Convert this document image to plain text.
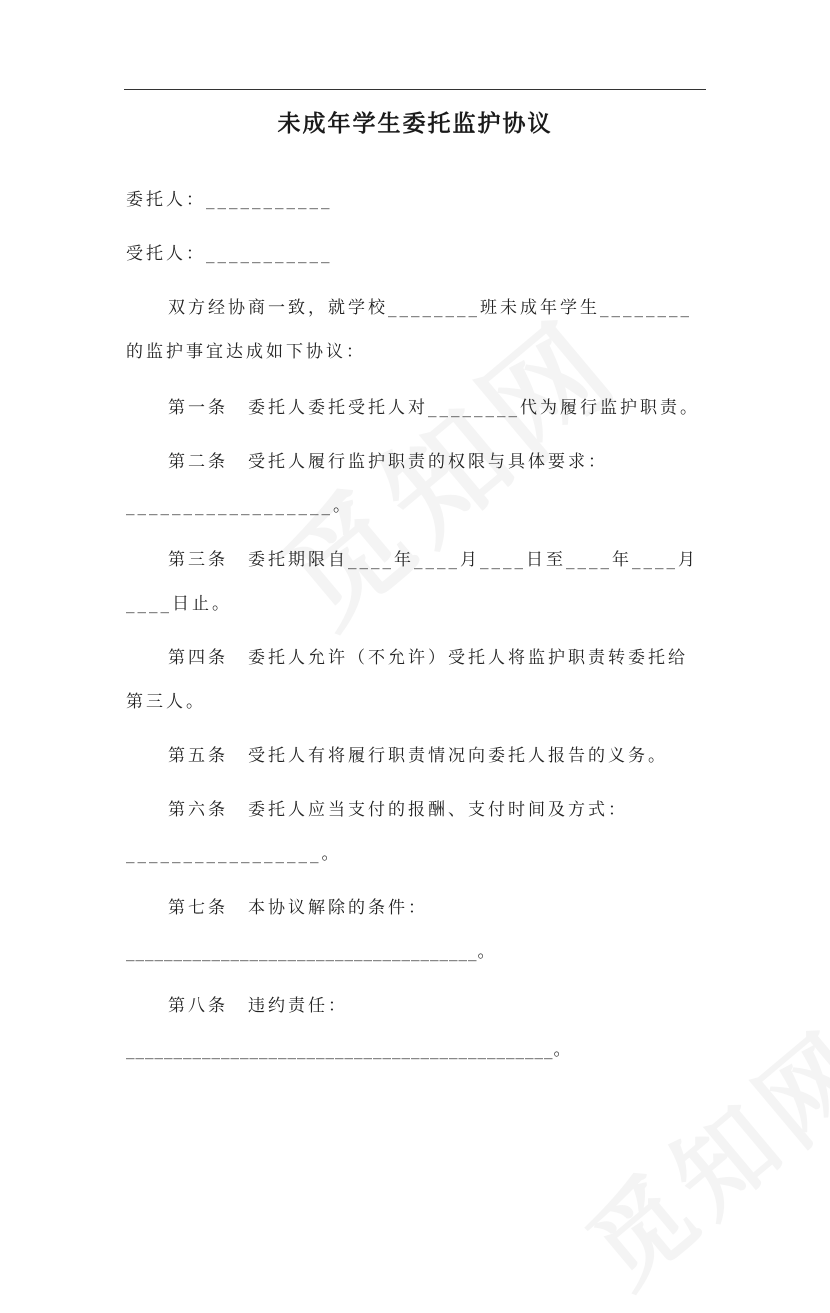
未成年学生委托监护协议
委托人：___________
受托人：___________
双方经协商一致，就学校________班未成年学生________
的监护事宜达成如下协议：
第一条 委托人委托受托人对________代为履行监护职责。
第二条 受托人履行监护职责的权限与具体要求：
__________________。
第三条 委托期限自____年____月____日至____年____月
____日止。
第四条 委托人允许（不允许）受托人将监护职责转委托给
第三人。
第五条 受托人有将履行职责情况向委托人报告的义务。
第六条 委托人应当支付的报酬、支付时间及方式：
_________________。
第七条 本协议解除的条件：
_____________________________________。
第八条 违约责任：
_____________________________________________。
